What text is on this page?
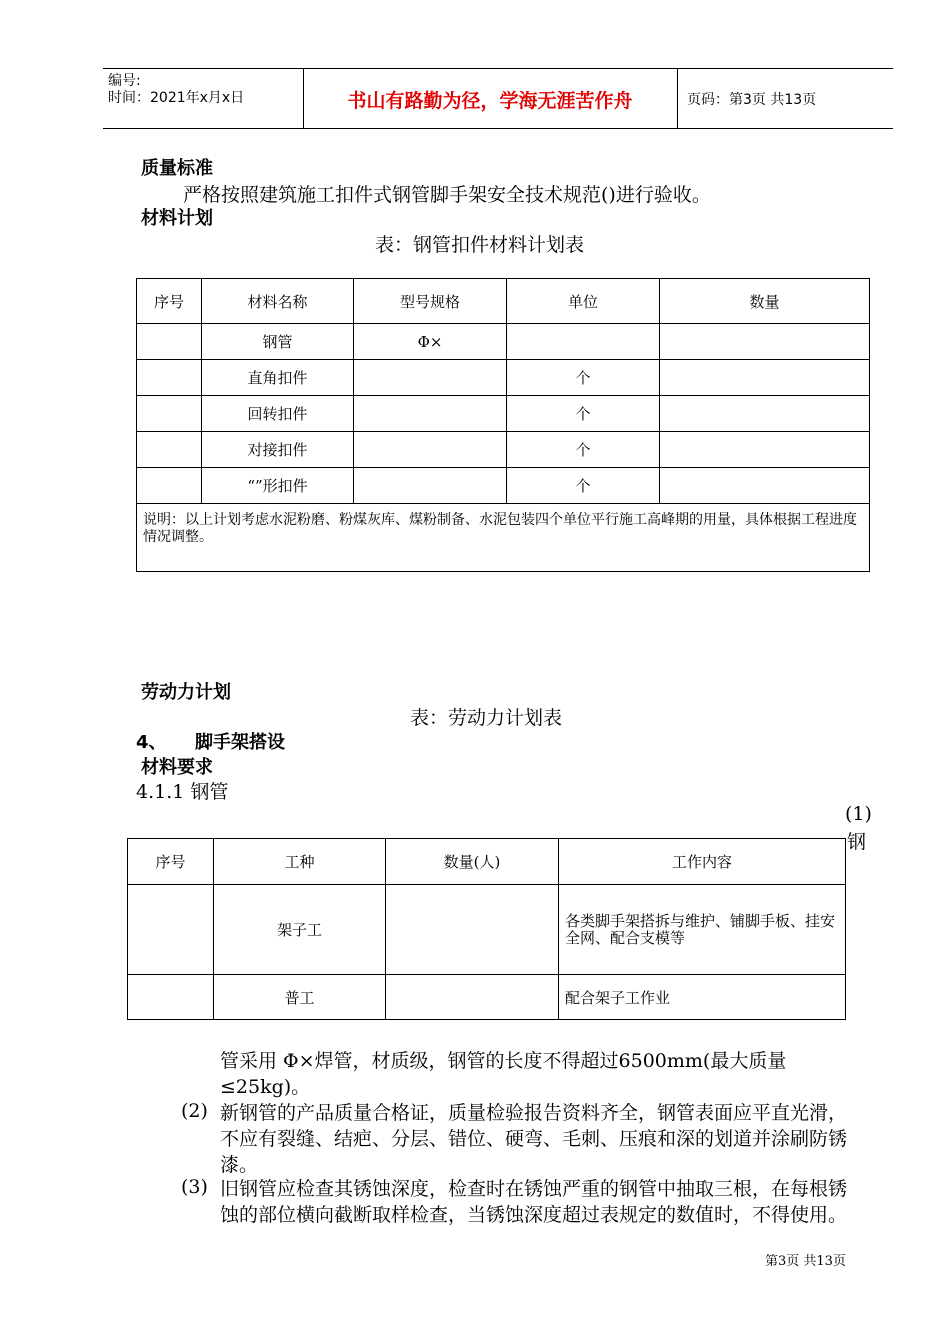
编号:
时间：2021年x月x日	书山有路勤为径，学海无涯苦作舟	页码：第3页 共13页
质量标准
严格按照建筑施工扣件式钢管脚手架安全技术规范()进行验收。
材料计划
表：钢管扣件材料计划表
序号	材料名称	型号规格	单位	数量
	钢管	Φ×		
	直角扣件		个	
	回转扣件		个	
	对接扣件		个	
	“”形扣件		个	
说明：以上计划考虑水泥粉磨、粉煤灰库、煤粉制备、水泥包装四个单位平行施工高峰期的用量，具体根据工程进度情况调整。				
劳动力计划
表：劳动力计划表
4、 脚手架搭设
材料要求
4.1.1 钢管
(1)
钢
序号	工种	数量(人)	工作内容
	架子工		各类脚手架搭拆与维护、铺脚手板、挂安全网、配合支模等
	普工		配合架子工作业
管采用 Φ×焊管，材质级，钢管的长度不得超过6500mm(最大质量≤25kg)。
(2) 新钢管的产品质量合格证，质量检验报告资料齐全，钢管表面应平直光滑，不应有裂缝、结疤、分层、错位、硬弯、毛刺、压痕和深的划道并涂刷防锈漆。
(3) 旧钢管应检查其锈蚀深度，检查时在锈蚀严重的钢管中抽取三根，在每根锈蚀的部位横向截断取样检查，当锈蚀深度超过表规定的数值时，不得使用。
第3页 共13页
